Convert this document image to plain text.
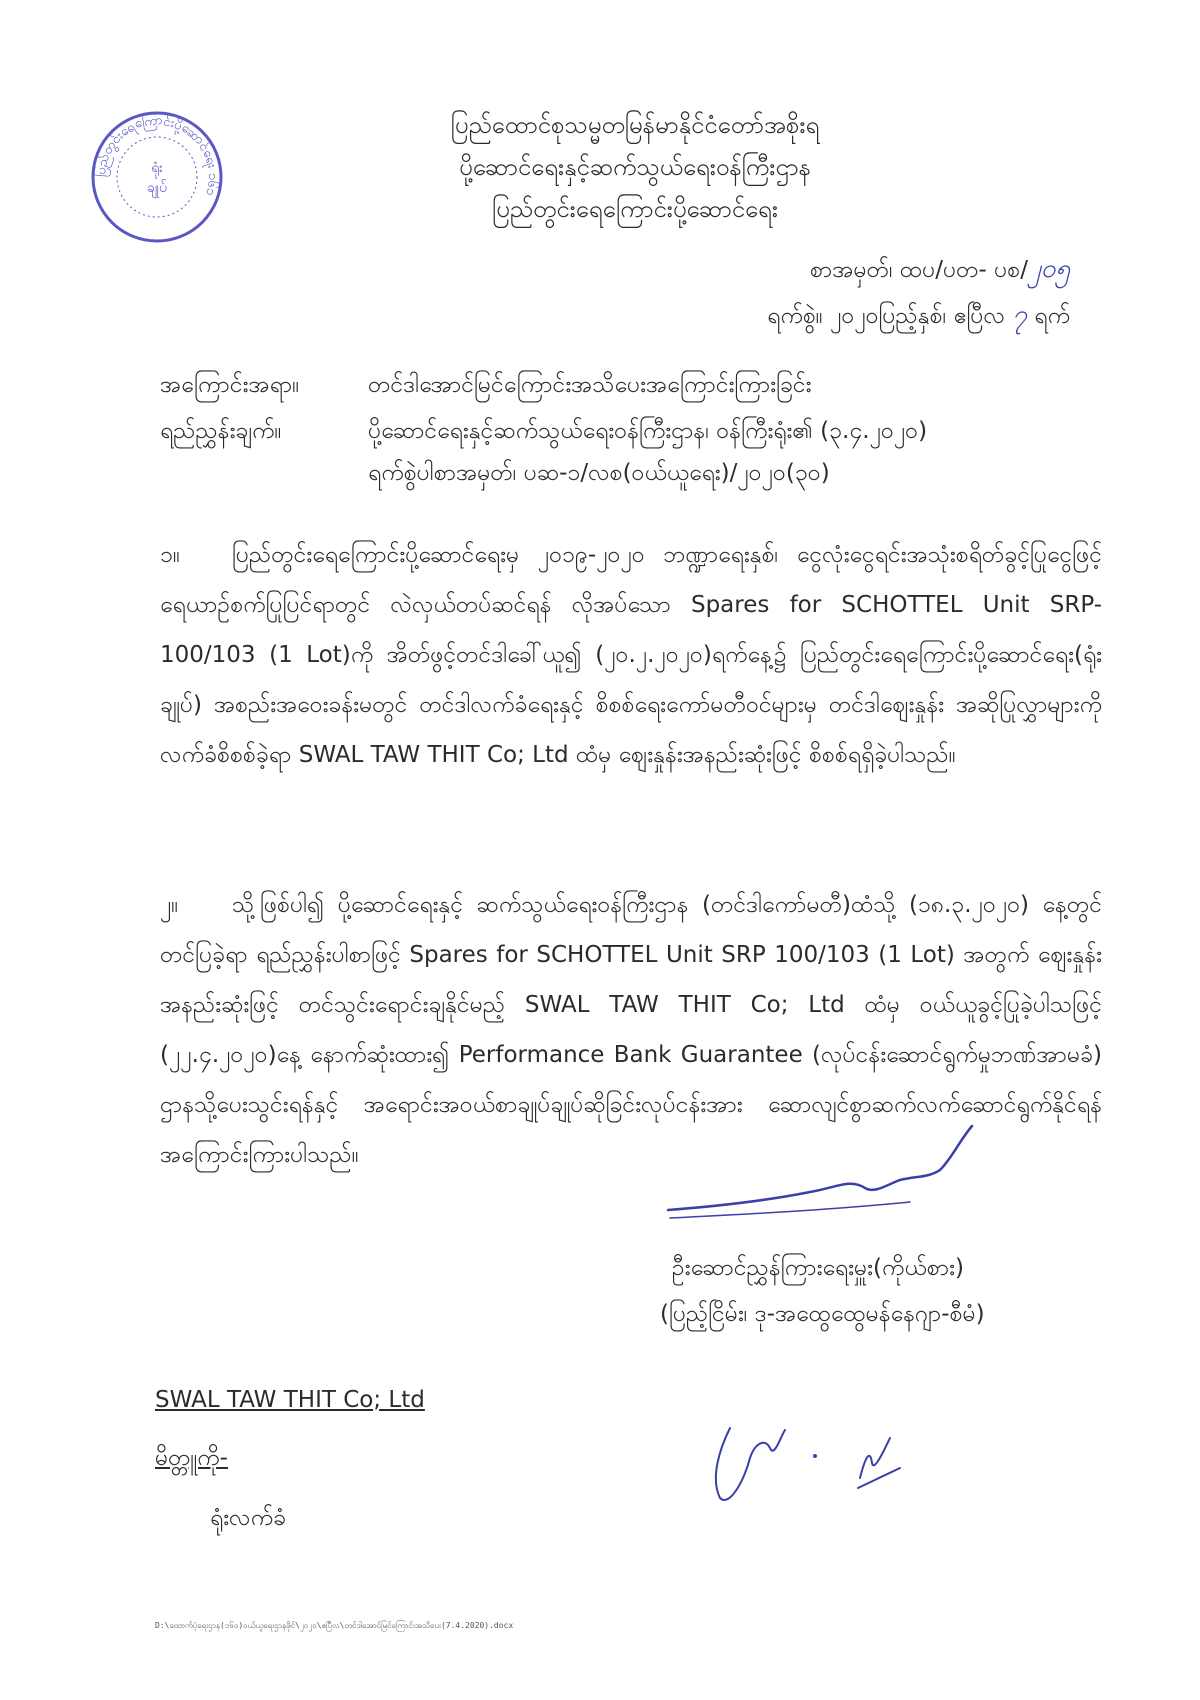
ပြည်တွင်းရေကြောင်းပို့ဆောင်ရေး ၁၆၁
ရုံး
ချုပ်
ပြည်ထောင်စုသမ္မတမြန်မာနိုင်ငံတော်အစိုးရ
ပို့ဆောင်ရေးနှင့်ဆက်သွယ်ရေးဝန်ကြီးဌာန
ပြည်တွင်းရေကြောင်းပို့ဆောင်ရေး
စာအမှတ်၊ ထပ/ပတ- ပစ/၂၀၅
ရက်စွဲ။ ၂၀၂၀ပြည့်နှစ်၊ ဧပြီလ ၇ ရက်
အကြောင်းအရာ။	တင်ဒါအောင်မြင်ကြောင်းအသိပေးအကြောင်းကြားခြင်း
ရည်ညွှန်းချက်။	ပို့ဆောင်ရေးနှင့်ဆက်သွယ်ရေးဝန်ကြီးဌာန၊ ဝန်ကြီးရုံး၏ (၃.၄.၂၀၂၀)
ရက်စွဲပါစာအမှတ်၊ ပဆ-၁/လစ(ဝယ်ယူရေး)/၂၀၂၀(၃၀)
၁။ ပြည်တွင်းရေကြောင်းပို့ဆောင်ရေးမှ ၂၀၁၉-၂၀၂၀ ဘဏ္ဍာရေးနှစ်၊ ငွေလုံးငွေရင်းအသုံးစရိတ်ခွင့်ပြုငွေဖြင့် ရေယာဉ်စက်ပြုပြင်ရာတွင် လဲလှယ်တပ်ဆင်ရန် လိုအပ်သော Spares for SCHOTTEL Unit SRP- 100/103 (1 Lot)ကို အိတ်ဖွင့်တင်ဒါခေါ်ယူ၍ (၂၀.၂.၂၀၂၀)ရက်နေ့၌ ပြည်တွင်းရေကြောင်းပို့ဆောင်ရေး(ရုံးချုပ်) အစည်းအဝေးခန်းမတွင် တင်ဒါလက်ခံရေးနှင့် စိစစ်ရေးကော်မတီဝင်များမှ တင်ဒါဈေးနှုန်း အဆိုပြုလွှာများကို လက်ခံစိစစ်ခဲ့ရာ SWAL TAW THIT Co; Ltd ထံမှ ဈေးနှုန်းအနည်းဆုံးဖြင့် စိစစ်ရရှိခဲ့ပါသည်။
၂။ သို့ဖြစ်ပါ၍ ပို့ဆောင်ရေးနှင့် ဆက်သွယ်ရေးဝန်ကြီးဌာန (တင်ဒါကော်မတီ)ထံသို့ (၁၈.၃.၂၀၂၀) နေ့တွင်တင်ပြခဲ့ရာ ရည်ညွှန်းပါစာဖြင့် Spares for SCHOTTEL Unit SRP 100/103 (1 Lot) အတွက် ဈေးနှုန်းအနည်းဆုံးဖြင့် တင်သွင်းရောင်းချနိုင်မည့် SWAL TAW THIT Co; Ltd ထံမှ ဝယ်ယူခွင့်ပြုခဲ့ပါသဖြင့် (၂၂.၄.၂၀၂၀)နေ့ နောက်ဆုံးထား၍ Performance Bank Guarantee (လုပ်ငန်းဆောင်ရွက်မှုဘဏ်အာမခံ) ဌာနသို့ပေးသွင်းရန်နှင့် အရောင်းအဝယ်စာချုပ်ချုပ်ဆိုခြင်းလုပ်ငန်းအား ဆောလျင်စွာဆက်လက်ဆောင်ရွက်နိုင်ရန် အကြောင်းကြားပါသည်။
ဦးဆောင်ညွှန်ကြားရေးမှူး(ကိုယ်စား)
(ပြည့်ငြိမ်း၊ ဒု-အထွေထွေမန်နေဂျာ-စီမံ)
SWAL TAW THIT Co; Ltd
မိတ္တူကို-
ရုံးလက်ခံ
D:\ထောက်ပံ့ရေးဌာန(၁၆၀)ဝယ်ယူရေးဌာနဖိုင်\၂၀၂၀\ဧပြီလ\တင်ဒါအောင်မြင်ကြောင်းအသိပေး(7.4.2020).docx
